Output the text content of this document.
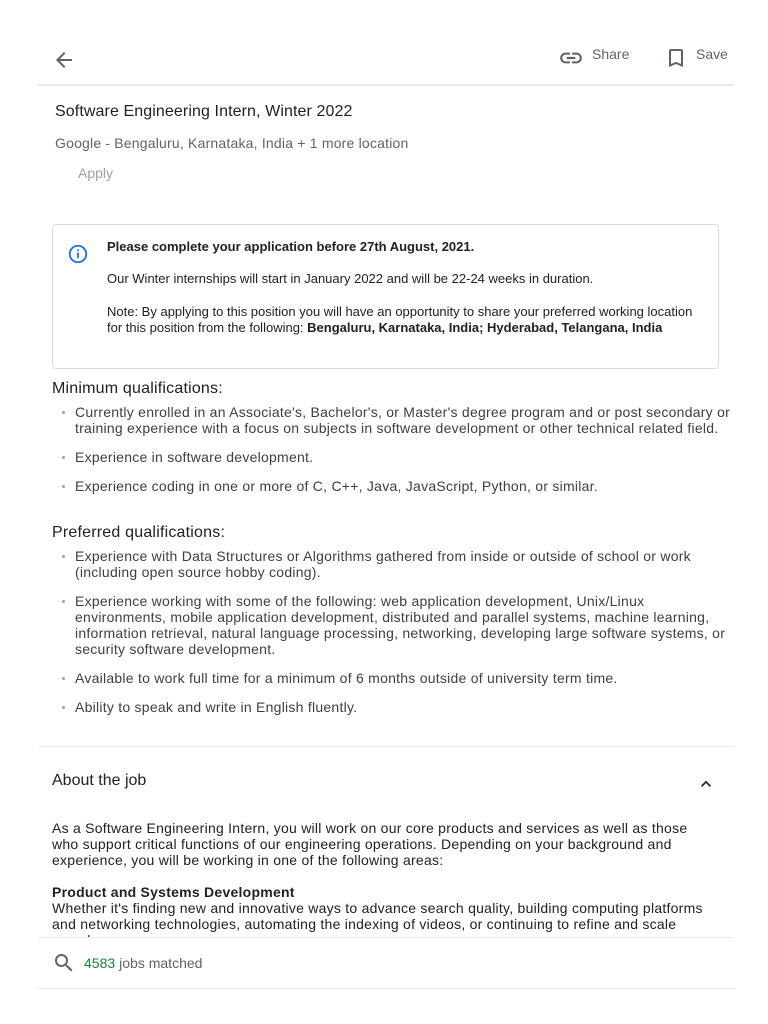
Share	Save
Software Engineering Intern, Winter 2022
Google - Bengaluru, Karnataka, India + 1 more location
Apply
Please complete your application before 27th August, 2021.
Our Winter internships will start in January 2022 and will be 22-24 weeks in duration.
Note: By applying to this position you will have an opportunity to share your preferred working location for this position from the following: Bengaluru, Karnataka, India; Hyderabad, Telangana, India
Minimum qualifications:
Currently enrolled in an Associate's, Bachelor's, or Master's degree program and or post secondary or training experience with a focus on subjects in software development or other technical related field.
Experience in software development.
Experience coding in one or more of C, C++, Java, JavaScript, Python, or similar.
Preferred qualifications:
Experience with Data Structures or Algorithms gathered from inside or outside of school or work (including open source hobby coding).
Experience working with some of the following: web application development, Unix/Linux environments, mobile application development, distributed and parallel systems, machine learning, information retrieval, natural language processing, networking, developing large software systems, or security software development.
Available to work full time for a minimum of 6 months outside of university term time.
Ability to speak and write in English fluently.
About the job

As a Software Engineering Intern, you will work on our core products and services as well as those who support critical functions of our engineering operations. Depending on your background and experience, you will be working in one of the following areas:

Product and Systems Development

Whether it's finding new and innovative ways to advance search quality, building computing platforms and networking technologies, automating the indexing of videos, or continuing to refine and scale

4583 jobs matched
